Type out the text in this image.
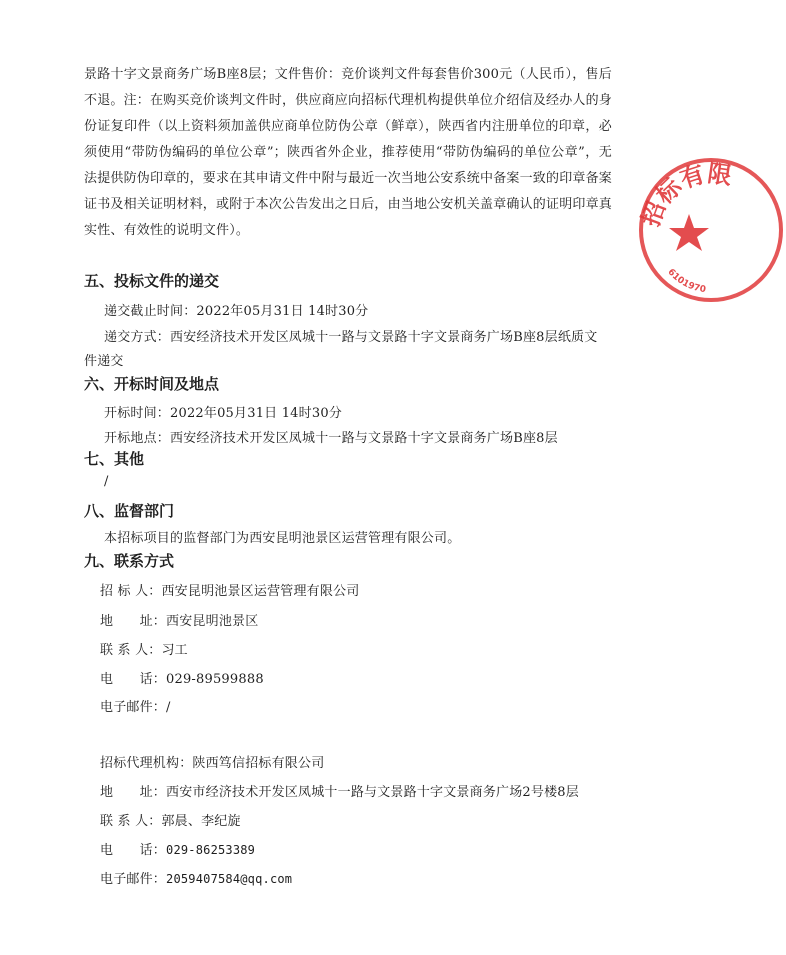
景路十字文景商务广场B座8层；文件售价：竞价谈判文件每套售价300元（人民币），售后不退。注：在购买竞价谈判文件时，供应商应向招标代理机构提供单位介绍信及经办人的身份证复印件（以上资料须加盖供应商单位防伪公章（鲜章），陕西省内注册单位的印章，必须使用“带防伪编码的单位公章”；陕西省外企业，推荐使用“带防伪编码的单位公章”，无法提供防伪印章的，要求在其申请文件中附与最近一次当地公安系统中备案一致的印章备案证书及相关证明材料，或附于本次公告发出之日后，由当地公安机关盖章确认的证明印章真实性、有效性的说明文件）。
五、投标文件的递交
递交截止时间：2022年05月31日 14时30分
递交方式：西安经济技术开发区凤城十一路与文景路十字文景商务广场B座8层纸质文
件递交
六、开标时间及地点
开标时间：2022年05月31日 14时30分
开标地点：西安经济技术开发区凤城十一路与文景路十字文景商务广场B座8层
七、其他
/
八、监督部门
本招标项目的监督部门为西安昆明池景区运营管理有限公司。
九、联系方式
招 标 人：西安昆明池景区运营管理有限公司
地　　址：西安昆明池景区
联 系 人：习工
电　　话：029-89599888
电子邮件：/
招标代理机构：陕西笃信招标有限公司
地　　址：西安市经济技术开发区凤城十一路与文景路十字文景商务广场2号楼8层
联 系 人：郭晨、李纪旋
电　　话：029-86253389
电子邮件：2059407584@qq.com
招标有限
6101970
